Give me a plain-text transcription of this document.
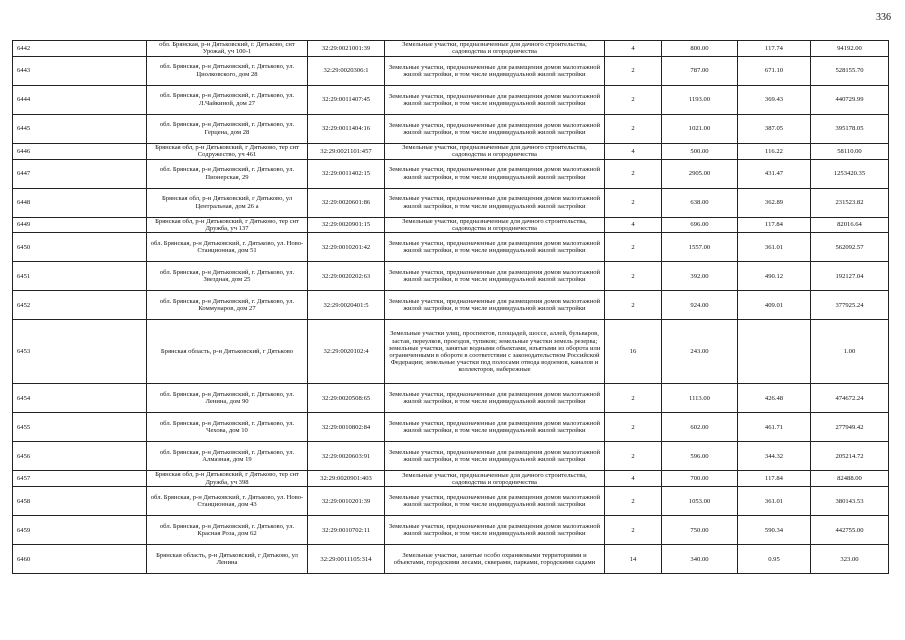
336
6442	обл. Брянская, р-н Дятьковский, г. Дятьково, снт Урожай, уч 100-1	32:29:0021001:39	Земельные участки, предназначенные для дачного строительства, садоводства и огородничества	4	800.00	117.74	94192.00
6443	обл. Брянская, р-н Дятьковский, г. Дятьково, ул. Циолковского, дом 28	32:29:0020306:1	Земельные участки, предназначенные для размещения домов малоэтажной жилой застройки, в том числе индивидуальной жилой застройки	2	787.00	671.10	528155.70
6444	обл. Брянская, р-н Дятьковский, г. Дятьково, ул. Л.Чайкиной, дом 27	32:29:0011407:45	Земельные участки, предназначенные для размещения домов малоэтажной жилой застройки, в том числе индивидуальной жилой застройки	2	1193.00	369.43	440729.99
6445	обл. Брянская, р-н Дятьковский, г. Дятьково, ул. Герцена, дом 28	32:29:0011404:16	Земельные участки, предназначенные для размещения домов малоэтажной жилой застройки, в том числе индивидуальной жилой застройки	2	1021.00	387.05	395178.05
6446	Брянская обл, р-н Дятьковский, г Дятьково, тер снт Содружество, уч 461	32:29:0021101:457	Земельные участки, предназначенные для дачного строительства, садоводства и огородничества	4	500.00	116.22	58110.00
6447	обл. Брянская, р-н Дятьковский, г. Дятьково, ул. Пионерская, 29	32:29:0011402:15	Земельные участки, предназначенные для размещения домов малоэтажной жилой застройки, в том числе индивидуальной жилой застройки	2	2905.00	431.47	1253420.35
6448	Брянская обл, р-н Дятьковский, г Дятьково, ул Центральная, дом 26 а	32:29:0020601:86	Земельные участки, предназначенные для размещения домов малоэтажной жилой застройки, в том числе индивидуальной жилой застройки	2	638.00	362.89	231523.82
6449	Брянская обл, р-н Дятьковский, г Дятьково, тер снт Дружба, уч 137	32:29:0020901:15	Земельные участки, предназначенные для дачного строительства, садоводства и огородничества	4	696.00	117.84	82016.64
6450	обл. Брянская, р-н Дятьковский, г. Дятьково, ул. Ново-Станционная, дом 51	32:29:0010201:42	Земельные участки, предназначенные для размещения домов малоэтажной жилой застройки, в том числе индивидуальной жилой застройки	2	1557.00	361.01	562092.57
6451	обл. Брянская, р-н Дятьковский, г. Дятьково, ул. Звездная, дом 25	32:29:0020202:63	Земельные участки, предназначенные для размещения домов малоэтажной жилой застройки, в том числе индивидуальной жилой застройки	2	392.00	490.12	192127.04
6452	обл. Брянская, р-н Дятьковский, г. Дятьково, ул. Коммунаров, дом 27	32:29:0020401:5	Земельные участки, предназначенные для размещения домов малоэтажной жилой застройки, в том числе индивидуальной жилой застройки	2	924.00	409.01	377925.24
6453	Брянская область, р-н Дятьковский, г Дятьково	32:29:0020102:4	Земельные участки улиц, проспектов, площадей, шоссе, аллей, бульваров, застав, переулков, проездов, тупиков; земельные участки земель резерва; земельные участки, занятые водными объектами, изъятыми из оборота или ограниченными в обороте в соответствии с законодательством Российской Федерации; земельные участки под полосами отвода водоемов, каналов и коллекторов, набережные	16	243.00		1.00
6454	обл. Брянская, р-н Дятьковский, г. Дятьково, ул. Ленина, дом 90	32:29:0020508:65	Земельные участки, предназначенные для размещения домов малоэтажной жилой застройки, в том числе индивидуальной жилой застройки	2	1113.00	426.48	474672.24
6455	обл. Брянская, р-н Дятьковский, г. Дятьково, ул. Чехова, дом 10	32:29:0010802:84	Земельные участки, предназначенные для размещения домов малоэтажной жилой застройки, в том числе индивидуальной жилой застройки	2	602.00	461.71	277949.42
6456	обл. Брянская, р-н Дятьковский, г. Дятьково, ул. Алмазная, дом 19	32:29:0020603:91	Земельные участки, предназначенные для размещения домов малоэтажной жилой застройки, в том числе индивидуальной жилой застройки	2	596.00	344.32	205214.72
6457	Брянская обл, р-н Дятьковский, г Дятьково, тер снт Дружба, уч 398	32:29:0020901:403	Земельные участки, предназначенные для дачного строительства, садоводства и огородничества	4	700.00	117.84	82488.00
6458	обл. Брянская, р-н Дятьковский, г. Дятьково, ул. Ново-Станционная, дом 43	32:29:0010201:39	Земельные участки, предназначенные для размещения домов малоэтажной жилой застройки, в том числе индивидуальной жилой застройки	2	1053.00	361.01	380143.53
6459	обл. Брянская, р-н Дятьковский, г. Дятьково, ул. Красная Роза, дом 62	32:29:0010702:11	Земельные участки, предназначенные для размещения домов малоэтажной жилой застройки, в том числе индивидуальной жилой застройки	2	750.00	590.34	442755.00
6460	Брянская область, р-н Дятьковский, г Дятьково, ул Ленина	32:29:0011105:314	Земельные участки, занятые особо охраняемыми территориями и объектами, городскими лесами, скверами, парками, городскими садами	14	340.00	0.95	323.00
